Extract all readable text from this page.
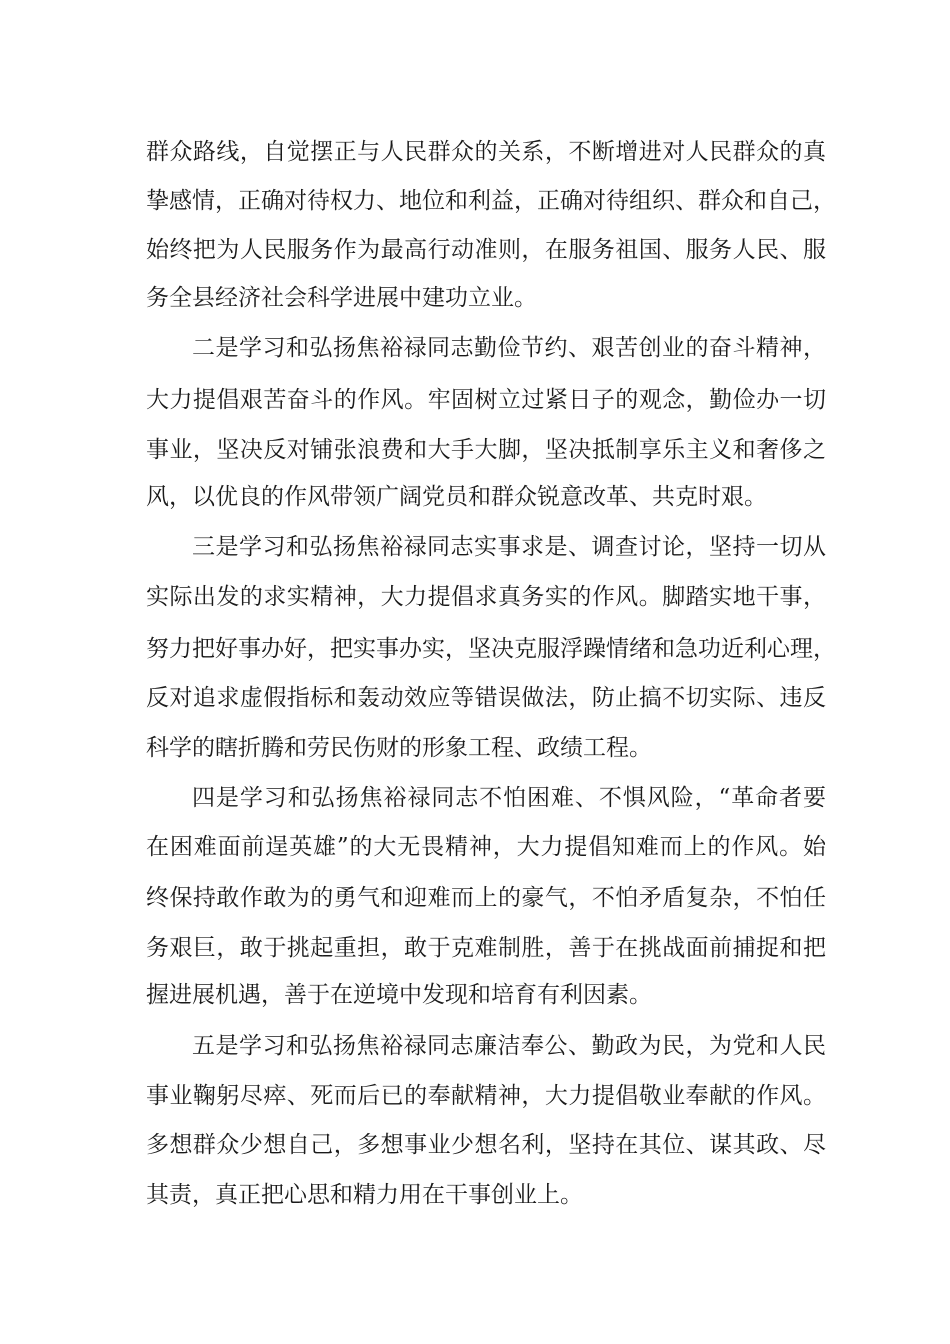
群众路线，自觉摆正与人民群众的关系，不断增进对人民群众的真
挚感情，正确对待权力、地位和利益，正确对待组织、群众和自己，
始终把为人民服务作为最高行动准则，在服务祖国、服务人民、服
务全县经济社会科学进展中建功立业。
二是学习和弘扬焦裕禄同志勤俭节约、艰苦创业的奋斗精神，
大力提倡艰苦奋斗的作风。牢固树立过紧日子的观念，勤俭办一切
事业，坚决反对铺张浪费和大手大脚，坚决抵制享乐主义和奢侈之
风，以优良的作风带领广阔党员和群众锐意改革、共克时艰。
三是学习和弘扬焦裕禄同志实事求是、调查讨论，坚持一切从
实际出发的求实精神，大力提倡求真务实的作风。脚踏实地干事，
努力把好事办好，把实事办实，坚决克服浮躁情绪和急功近利心理，
反对追求虚假指标和轰动效应等错误做法，防止搞不切实际、违反
科学的瞎折腾和劳民伤财的形象工程、政绩工程。
四是学习和弘扬焦裕禄同志不怕困难、不惧风险，“革命者要
在困难面前逞英雄”的大无畏精神，大力提倡知难而上的作风。始
终保持敢作敢为的勇气和迎难而上的豪气，不怕矛盾复杂，不怕任
务艰巨，敢于挑起重担，敢于克难制胜，善于在挑战面前捕捉和把
握进展机遇，善于在逆境中发现和培育有利因素。
五是学习和弘扬焦裕禄同志廉洁奉公、勤政为民，为党和人民
事业鞠躬尽瘁、死而后已的奉献精神，大力提倡敬业奉献的作风。
多想群众少想自己，多想事业少想名利，坚持在其位、谋其政、尽
其责，真正把心思和精力用在干事创业上。
